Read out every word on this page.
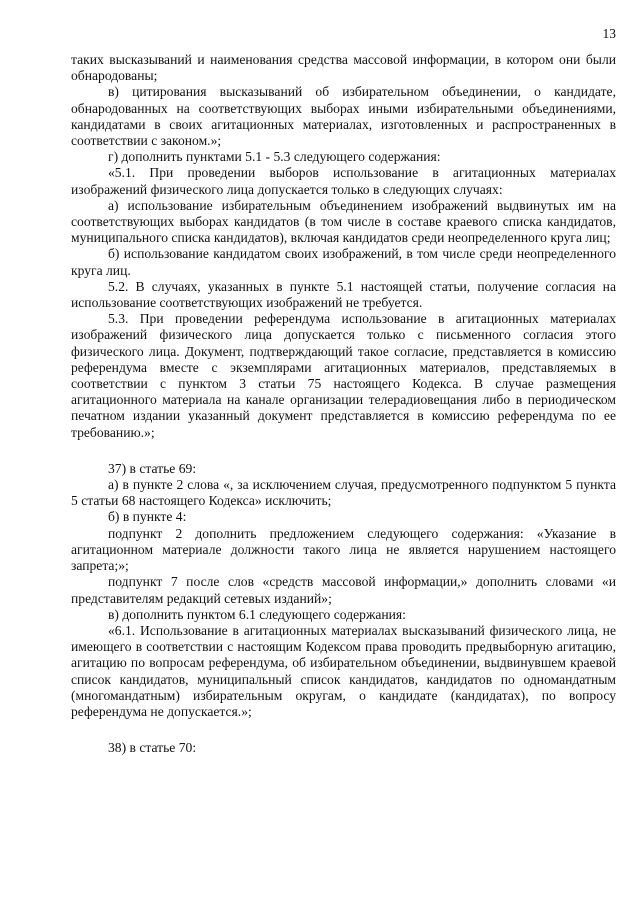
13

таких высказываний и наименования средства массовой информации, в котором они были обнародованы;

в) цитирования высказываний об избирательном объединении, о кандидате, обнародованных на соответствующих выборах иными избирательными объединениями, кандидатами в своих агитационных материалах, изготовленных и распространенных в соответствии с законом.»;

г) дополнить пунктами 5.1 - 5.3 следующего содержания:

«5.1. При проведении выборов использование в агитационных материалах изображений физического лица допускается только в следующих случаях:

а) использование избирательным объединением изображений выдвинутых им на соответствующих выборах кандидатов (в том числе в составе краевого списка кандидатов, муниципального списка кандидатов), включая кандидатов среди неопределенного круга лиц;

б) использование кандидатом своих изображений, в том числе среди неопределенного круга лиц.

5.2. В случаях, указанных в пункте 5.1 настоящей статьи, получение согласия на использование соответствующих изображений не требуется.

5.3. При проведении референдума использование в агитационных материалах изображений физического лица допускается только с письменного согласия этого физического лица. Документ, подтверждающий такое согласие, представляется в комиссию референдума вместе с экземплярами агитационных материалов, представляемых в соответствии с пунктом 3 статьи 75 настоящего Кодекса. В случае размещения агитационного материала на канале организации телерадиовещания либо в периодическом печатном издании указанный документ представляется в комиссию референдума по ее требованию.»;

37) в статье 69:

а) в пункте 2 слова «, за исключением случая, предусмотренного подпунктом 5 пункта 5 статьи 68 настоящего Кодекса» исключить;

б) в пункте 4:

подпункт 2 дополнить предложением следующего содержания: «Указание в агитационном материале должности такого лица не является нарушением настоящего запрета;»;

подпункт 7 после слов «средств массовой информации,» дополнить словами «и представителям редакций сетевых изданий»;

в) дополнить пунктом 6.1 следующего содержания:

«6.1. Использование в агитационных материалах высказываний физического лица, не имеющего в соответствии с настоящим Кодексом права проводить предвыборную агитацию, агитацию по вопросам референдума, об избирательном объединении, выдвинувшем краевой список кандидатов, муниципальный список кандидатов, кандидатов по одномандатным (многомандатным) избирательным округам, о кандидате (кандидатах), по вопросу референдума не допускается.»;

38) в статье 70:
